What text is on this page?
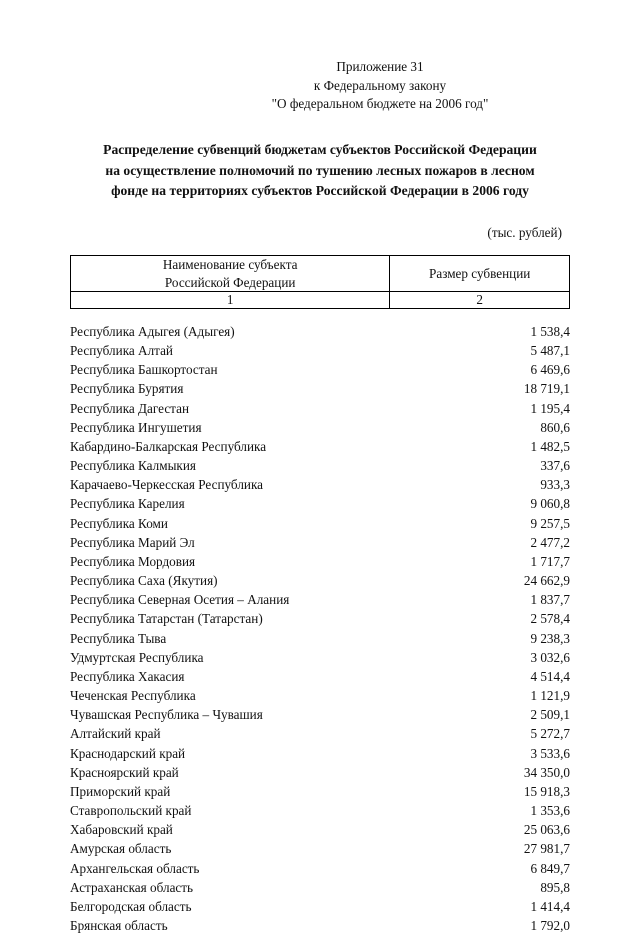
Приложение 31
к Федеральному закону
"О федеральном бюджете на 2006 год"
Распределение субвенций бюджетам субъектов Российской Федерации
на осуществление полномочий по тушению лесных пожаров в лесном
фонде на территориях субъектов Российской Федерации в 2006 году
(тыс. рублей)
Наименование субъекта
Российской Федерации	Размер субвенции
1	2
Республика Адыгея (Адыгея)	1 538,4
Республика Алтай	5 487,1
Республика Башкортостан	6 469,6
Республика Бурятия	18 719,1
Республика Дагестан	1 195,4
Республика Ингушетия	860,6
Кабардино-Балкарская Республика	1 482,5
Республика Калмыкия	337,6
Карачаево-Черкесская Республика	933,3
Республика Карелия	9 060,8
Республика Коми	9 257,5
Республика Марий Эл	2 477,2
Республика Мордовия	1 717,7
Республика Саха (Якутия)	24 662,9
Республика Северная Осетия – Алания	1 837,7
Республика Татарстан (Татарстан)	2 578,4
Республика Тыва	9 238,3
Удмуртская Республика	3 032,6
Республика Хакасия	4 514,4
Чеченская Республика	1 121,9
Чувашская Республика – Чувашия	2 509,1
Алтайский край	5 272,7
Краснодарский край	3 533,6
Красноярский край	34 350,0
Приморский край	15 918,3
Ставропольский край	1 353,6
Хабаровский край	25 063,6
Амурская область	27 981,7
Архангельская область	6 849,7
Астраханская область	895,8
Белгородская область	1 414,4
Брянская область	1 792,0
